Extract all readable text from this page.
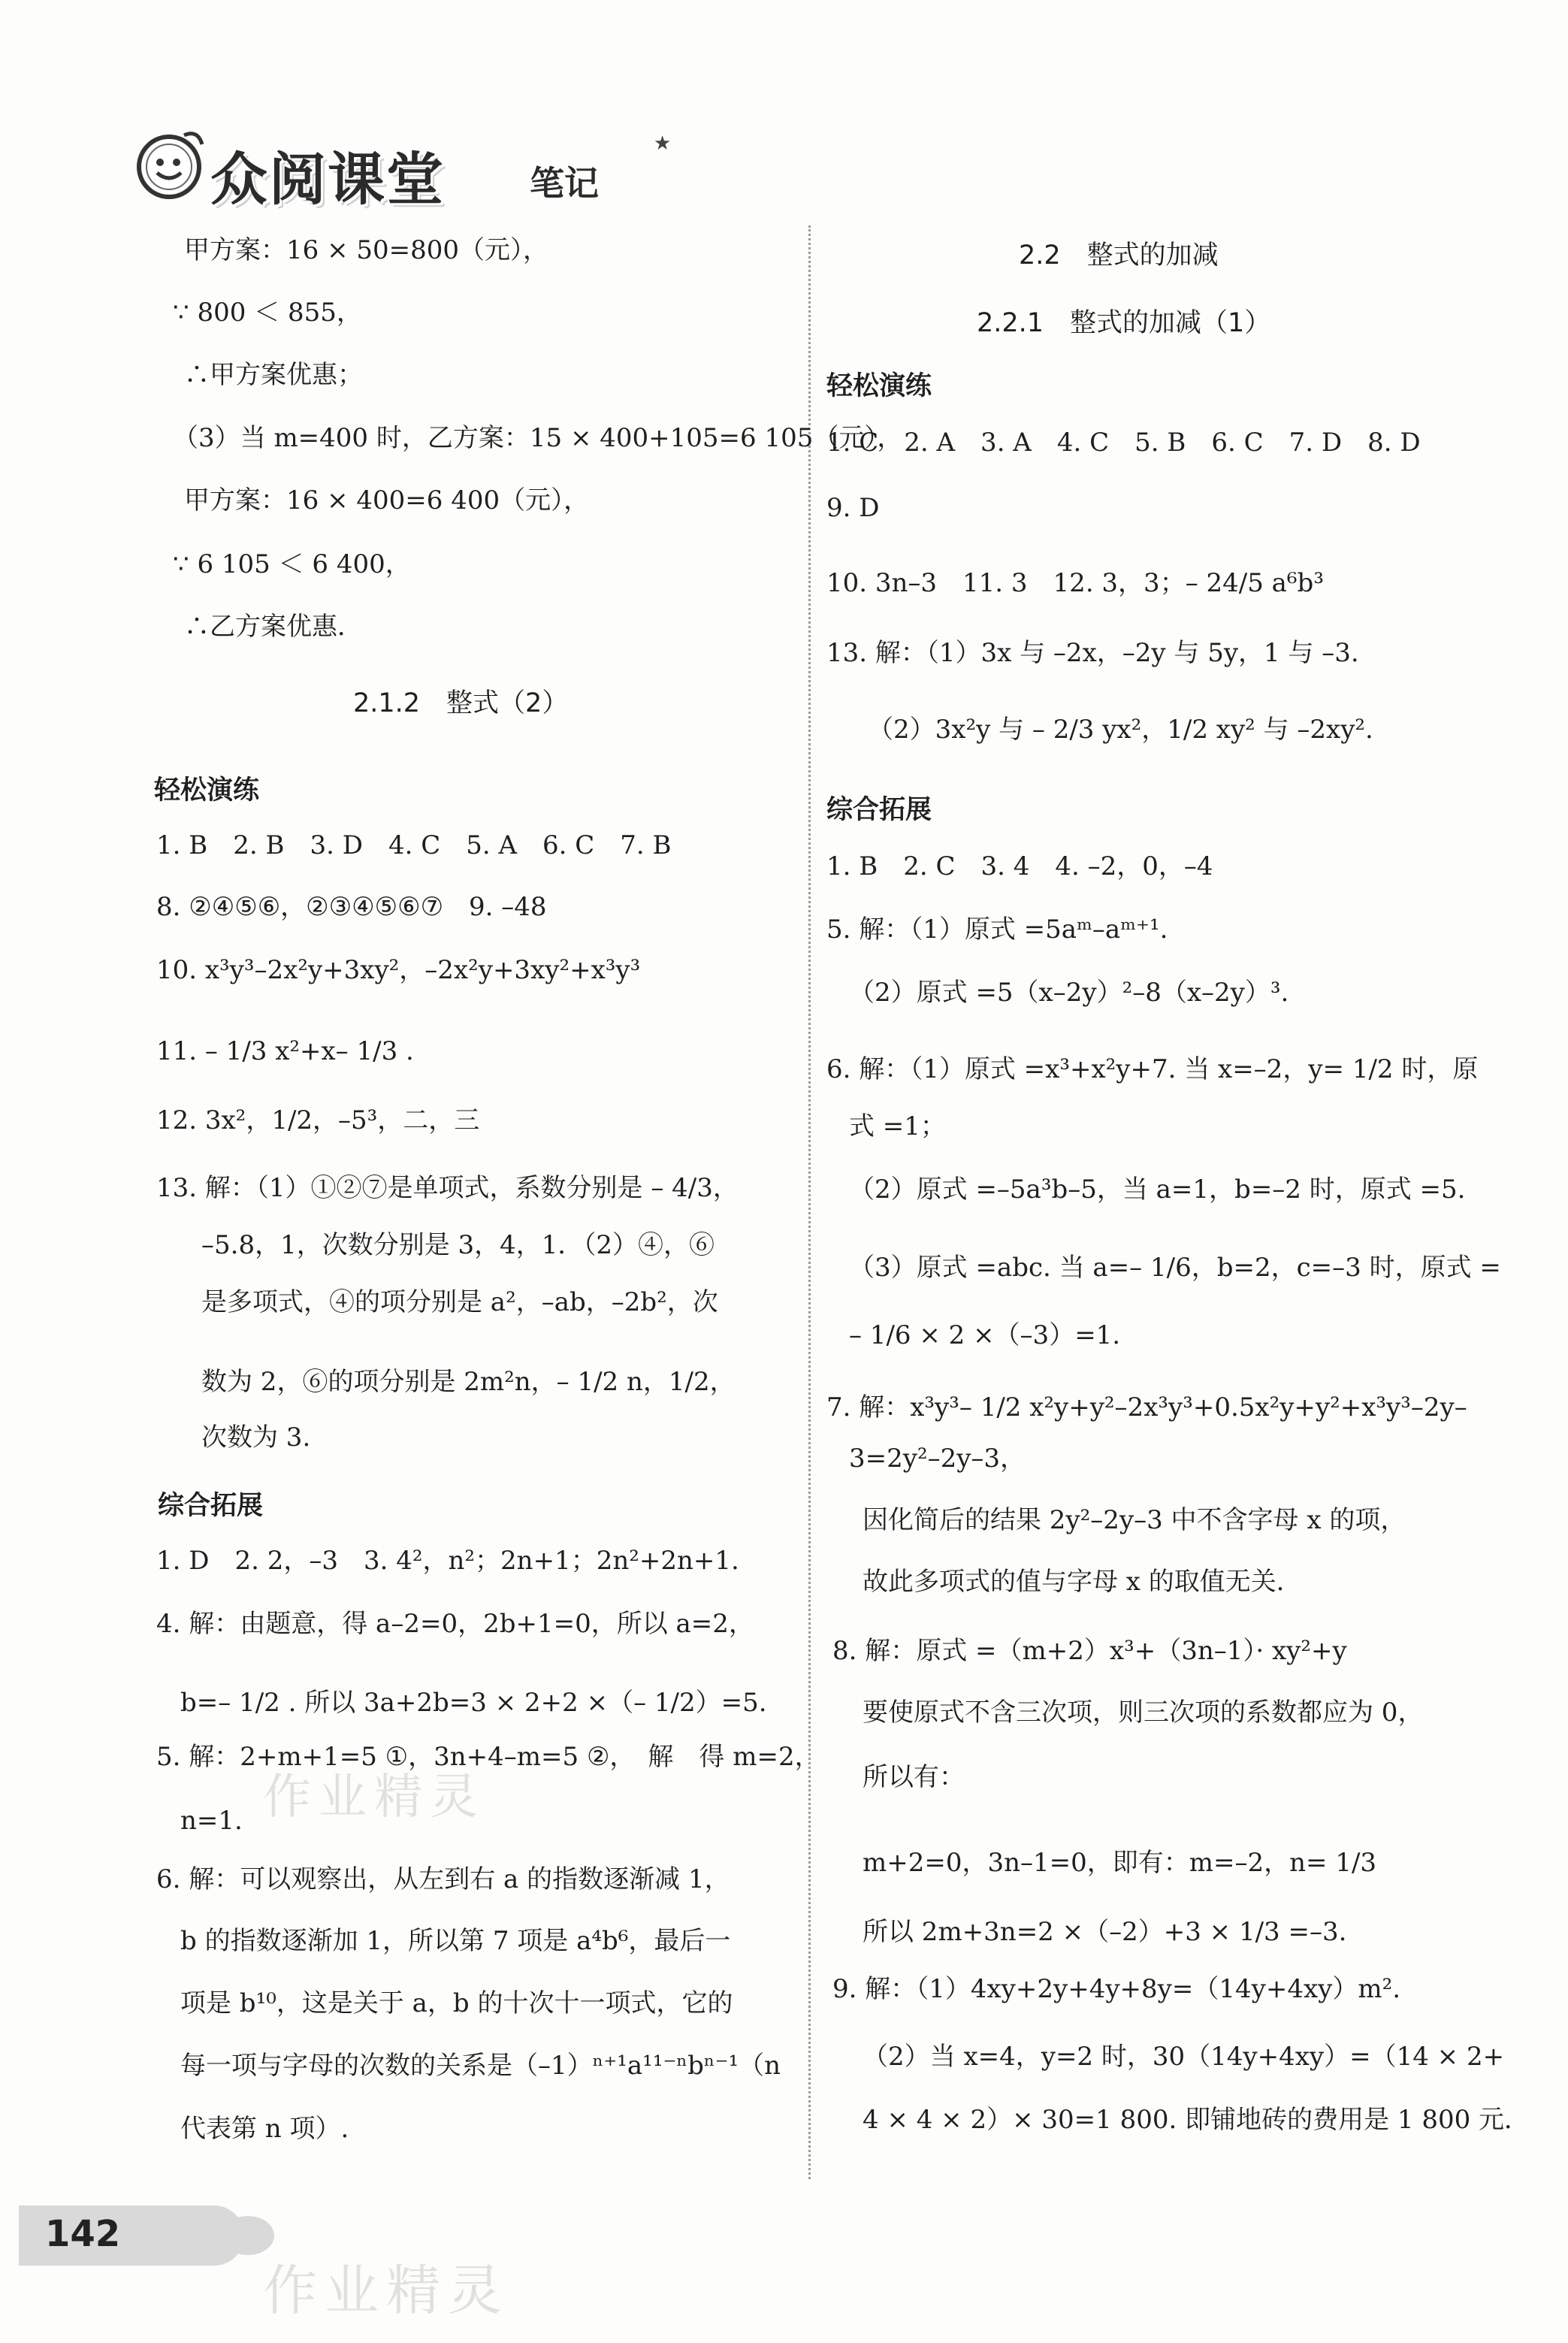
众阅课堂 笔记
★
甲方案：16 × 50=800（元），
∵ 800 ＜ 855，
∴甲方案优惠；
（3）当 m=400 时，乙方案：15 × 400+105=6 105（元），
甲方案：16 × 400=6 400（元），
∵ 6 105 ＜ 6 400，
∴乙方案优惠．
2.1.2　整式（2）
轻松演练
1. B　2. B　3. D　4. C　5. A　6. C　7. B
8. ②④⑤⑥，②③④⑤⑥⑦　9. –48
10. x³y³–2x²y+3xy²，–2x²y+3xy²+x³y³
11. – 1/3 x²+x– 1/3 .
12. 3x²，1/2，–5³，二，三
13. 解：（1）①②⑦是单项式，系数分别是 – 4/3，
–5.8，1，次数分别是 3，4，1．（2）④，⑥
是多项式，④的项分别是 a²，–ab，–2b²，次
数为 2，⑥的项分别是 2m²n，– 1/2 n，1/2，
次数为 3.
综合拓展
1. D　2. 2，–3　3. 4²，n²；2n+1；2n²+2n+1.
4. 解：由题意，得 a–2=0，2b+1=0，所以 a=2，
b=– 1/2 . 所以 3a+2b=3 × 2+2 ×（– 1/2）=5.
5. 解：2+m+1=5 ①，3n+4–m=5 ②，　解　得 m=2，
n=1.
6. 解：可以观察出，从左到右 a 的指数逐渐减 1，
b 的指数逐渐加 1，所以第 7 项是 a⁴b⁶，最后一
项是 b¹⁰，这是关于 a，b 的十次十一项式，它的
每一项与字母的次数的关系是（–1）ⁿ⁺¹a¹¹⁻ⁿbⁿ⁻¹（n
代表第 n 项）.
2.2　整式的加减
2.2.1　整式的加减（1）
轻松演练
1. C　2. A　3. A　4. C　5. B　6. C　7. D　8. D
9. D
10. 3n–3　11. 3　12. 3，3；– 24/5 a⁶b³
13. 解：（1）3x 与 –2x，–2y 与 5y，1 与 –3.
（2）3x²y 与 – 2/3 yx²，1/2 xy² 与 –2xy².
综合拓展
1. B　2. C　3. 4　4. –2，0，–4
5. 解：（1）原式 =5aᵐ–aᵐ⁺¹.
（2）原式 =5（x–2y）²–8（x–2y）³.
6. 解：（1）原式 =x³+x²y+7. 当 x=–2，y= 1/2 时，原
式 =1；
（2）原式 =–5a³b–5，当 a=1，b=–2 时，原式 =5.
（3）原式 =abc. 当 a=– 1/6，b=2，c=–3 时，原式 =
– 1/6 × 2 ×（–3）=1.
7. 解：x³y³– 1/2 x²y+y²–2x³y³+0.5x²y+y²+x³y³–2y–
3=2y²–2y–3，
因化简后的结果 2y²–2y–3 中不含字母 x 的项，
故此多项式的值与字母 x 的取值无关．
8. 解：原式 =（m+2）x³+（3n–1）· xy²+y
要使原式不含三次项，则三次项的系数都应为 0，
所以有：
m+2=0，3n–1=0，即有：m=–2，n= 1/3
所以 2m+3n=2 ×（–2）+3 × 1/3 =–3.
9. 解：（1）4xy+2y+4y+8y=（14y+4xy）m².
（2）当 x=4，y=2 时，30（14y+4xy）=（14 × 2+
4 × 4 × 2）× 30=1 800. 即铺地砖的费用是 1 800 元．
作业精灵
作业精灵
142
